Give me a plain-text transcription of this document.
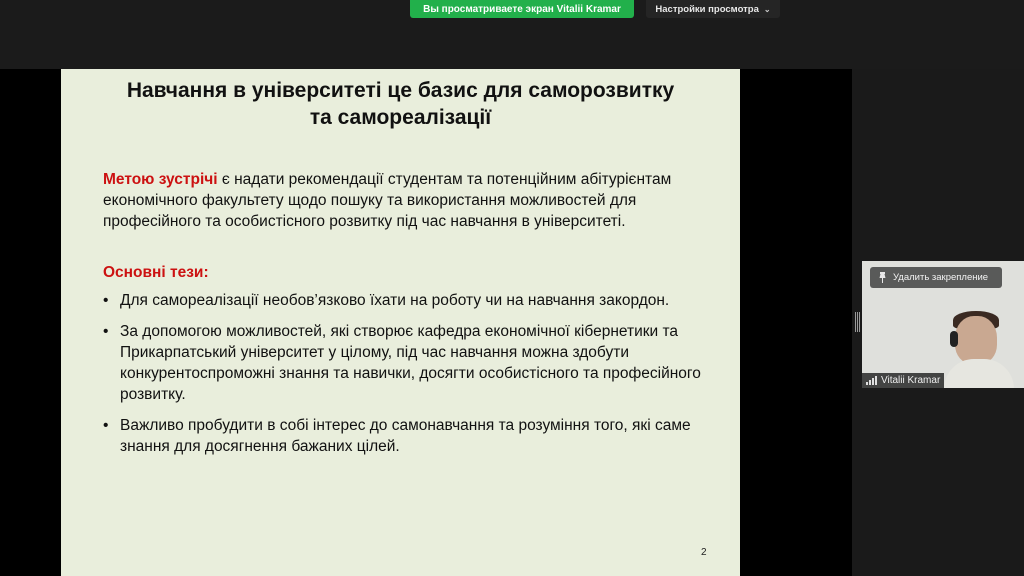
Вы просматриваете экран Vitalii Kramar	Настройки просмотра ⌄
Навчання в університеті це базис для саморозвитку
та самореалізації
Метою зустрічі є надати рекомендації студентам та потенційним абітурієнтам економічного факультету щодо пошуку та використання можливостей для професійного та особистісного розвитку під час навчання в університеті.
Основні тези:
• Для самореалізації необов’язково їхати на роботу чи на навчання закордон.
• За допомогою можливостей, які створює кафедра економічної кібернетики та Прикарпатський університет у цілому, під час навчання можна здобути конкурентоспроможні знання та навички, досягти особистісного та професійного розвитку.
• Важливо пробудити в собі інтерес до самонавчання та розуміння того, які саме знання для досягнення бажаних цілей.
2
Удалить закрепление
Vitalii Kramar
